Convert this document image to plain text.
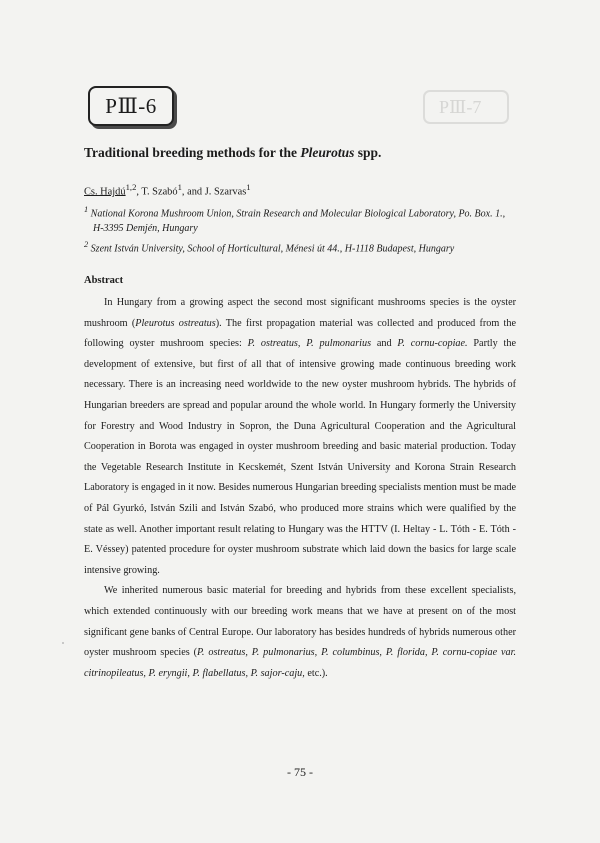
PⅢ-7
PⅢ-6
Traditional breeding methods for the Pleurotus spp.
Cs. Hajdú$^{1,2}$, T. Szabó$^1$, and J. Szarvas$^1$
$^1$ National Korona Mushroom Union, Strain Research and Molecular Biological Laboratory, Po. Box. 1.,
H-3395 Demjén, Hungary
$^2$ Szent István University, School of Horticultural, Ménesi út 44., H-1118 Budapest, Hungary
Abstract

In Hungary from a growing aspect the second most significant mushrooms species is the oyster mushroom (Pleurotus ostreatus). The first propagation material was collected and produced from the following oyster mushroom species: P. ostreatus, P. pulmonarius and P. cornu-copiae. Partly the development of extensive, but first of all that of intensive growing made continuous breeding work necessary. There is an increasing need worldwide to the new oyster mushroom hybrids. The hybrids of Hungarian breeders are spread and popular around the whole world. In Hungary formerly the University for Forestry and Wood Industry in Sopron, the Duna Agricultural Cooperation and the Agricultural Cooperation in Borota was engaged in oyster mushroom breeding and basic material production. Today the Vegetable Research Institute in Kecskemét, Szent István University and Korona Strain Research Laboratory is engaged in it now. Besides numerous Hungarian breeding specialists mention must be made of Pál Gyurkó, István Szili and István Szabó, who produced more strains which were qualified by the state as well. Another important result relating to Hungary was the HTTV (I. Heltay - L. Tóth - E. Tóth - E. Véssey) patented procedure for oyster mushroom substrate which laid down the basics for large scale intensive growing.

We inherited numerous basic material for breeding and hybrids from these excellent specialists, which extended continuously with our breeding work means that we have at present on of the most significant gene banks of Central Europe. Our laboratory has besides hundreds of hybrids numerous other oyster mushroom species (P. ostreatus, P. pulmonarius, P. columbinus, P. florida, P. cornu-copiae var. citrinopileatus, P. eryngii, P. flabellatus, P. sajor-caju, etc.).

- 75 -
